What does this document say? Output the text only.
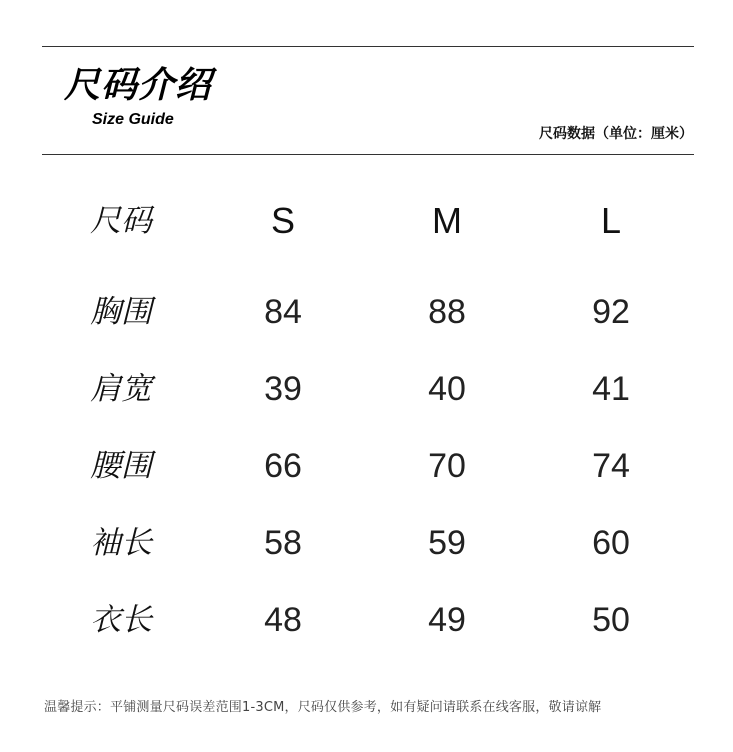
尺码介绍
Size Guide
尺码数据（单位：厘米）
尺码	S	M	L
胸围	84	88	92
肩宽	39	40	41
腰围	66	70	74
袖长	58	59	60
衣长	48	49	50
温馨提示：平铺测量尺码误差范围1-3CM，尺码仅供参考，如有疑问请联系在线客服，敬请谅解
